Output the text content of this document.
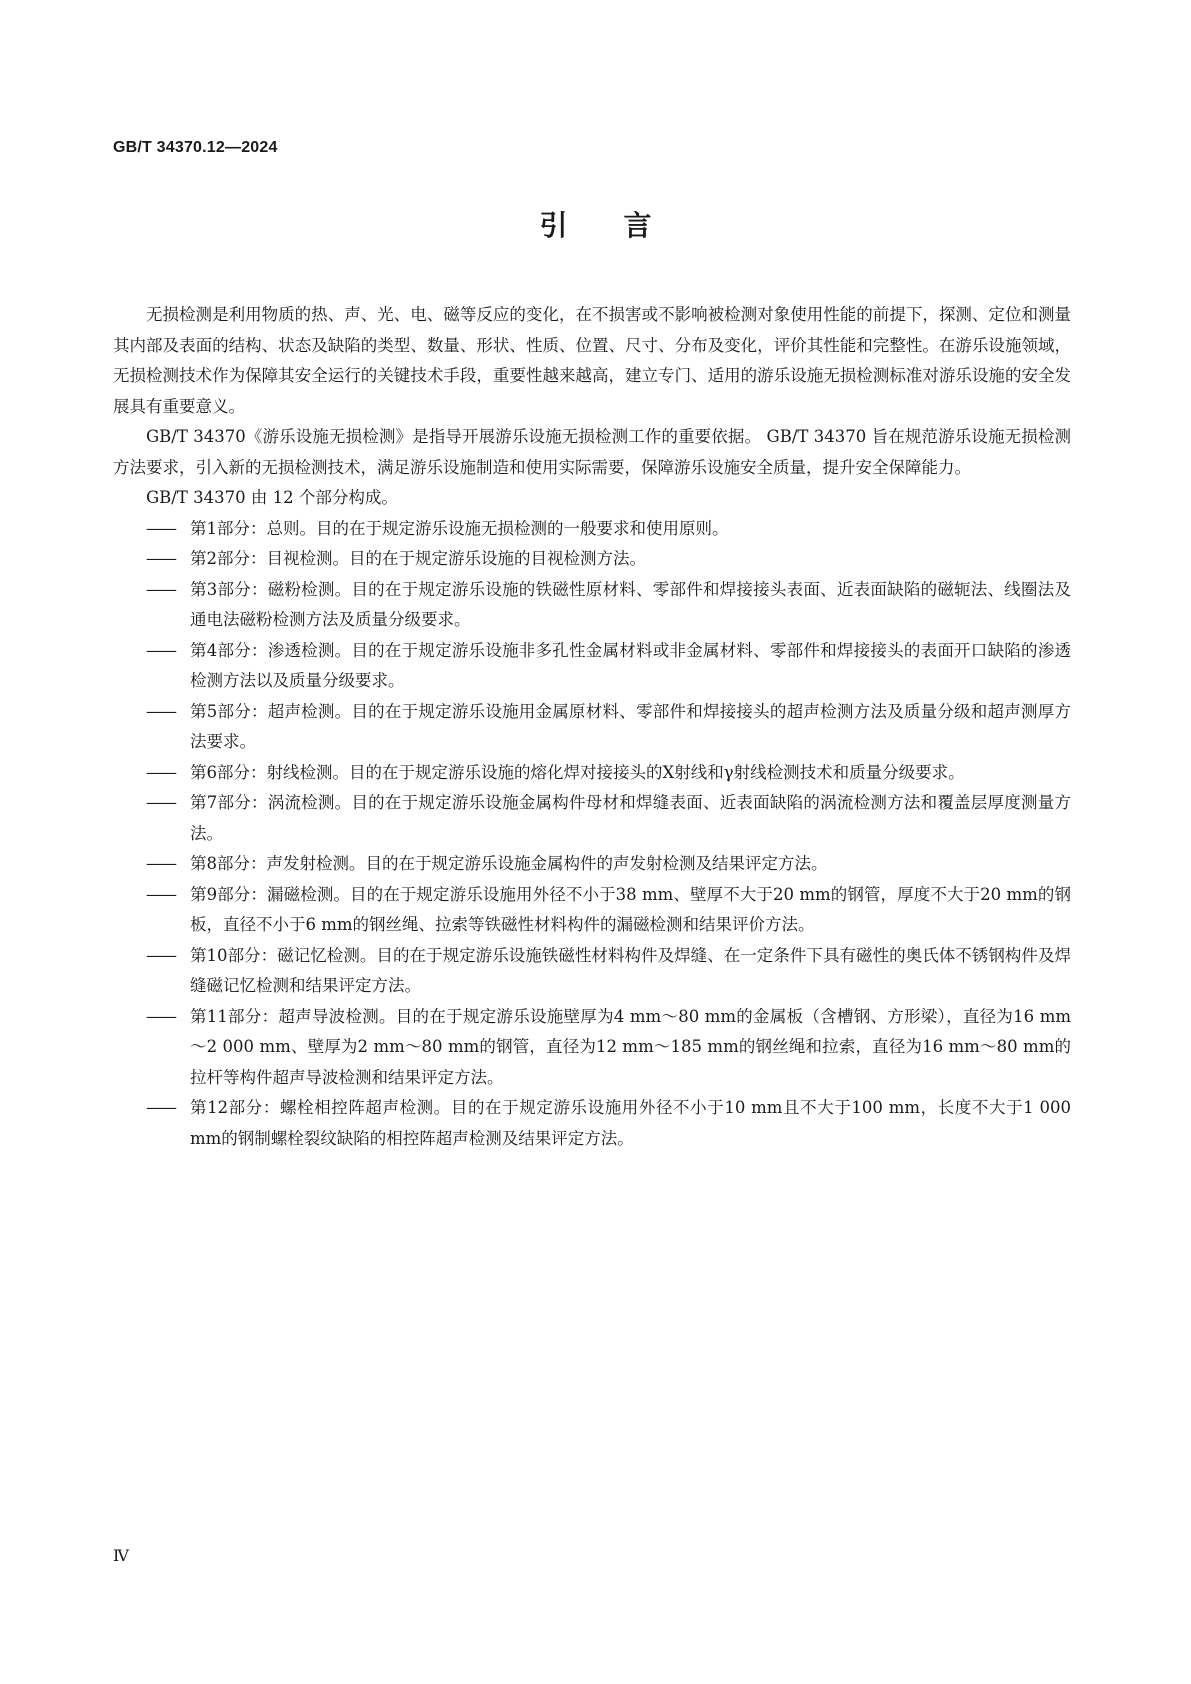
GB/T 34370.12—2024
引言

无损检测是利用物质的热、声、光、电、磁等反应的变化，在不损害或不影响被检测对象使用性能的前提下，探测、定位和测量其内部及表面的结构、状态及缺陷的类型、数量、形状、性质、位置、尺寸、分布及变化，评价其性能和完整性。在游乐设施领域，无损检测技术作为保障其安全运行的关键技术手段，重要性越来越高，建立专门、适用的游乐设施无损检测标准对游乐设施的安全发展具有重要意义。

GB/T 34370《游乐设施无损检测》是指导开展游乐设施无损检测工作的重要依据。 GB/T 34370 旨在规范游乐设施无损检测方法要求，引入新的无损检测技术，满足游乐设施制造和使用实际需要，保障游乐设施安全质量，提升安全保障能力。

GB/T 34370 由 12 个部分构成。

—— 第1部分：总则。目的在于规定游乐设施无损检测的一般要求和使用原则。
—— 第2部分：目视检测。目的在于规定游乐设施的目视检测方法。
—— 第3部分：磁粉检测。目的在于规定游乐设施的铁磁性原材料、零部件和焊接接头表面、近表面缺陷的磁轭法、线圈法及通电法磁粉检测方法及质量分级要求。
—— 第4部分：渗透检测。目的在于规定游乐设施非多孔性金属材料或非金属材料、零部件和焊接接头的表面开口缺陷的渗透检测方法以及质量分级要求。
—— 第5部分：超声检测。目的在于规定游乐设施用金属原材料、零部件和焊接接头的超声检测方法及质量分级和超声测厚方法要求。
—— 第6部分：射线检测。目的在于规定游乐设施的熔化焊对接接头的X射线和γ射线检测技术和质量分级要求。
—— 第7部分：涡流检测。目的在于规定游乐设施金属构件母材和焊缝表面、近表面缺陷的涡流检测方法和覆盖层厚度测量方法。
—— 第8部分：声发射检测。目的在于规定游乐设施金属构件的声发射检测及结果评定方法。
—— 第9部分：漏磁检测。目的在于规定游乐设施用外径不小于38 mm、壁厚不大于20 mm的钢管，厚度不大于20 mm的钢板，直径不小于6 mm的钢丝绳、拉索等铁磁性材料构件的漏磁检测和结果评价方法。
—— 第10部分：磁记忆检测。目的在于规定游乐设施铁磁性材料构件及焊缝、在一定条件下具有磁性的奥氏体不锈钢构件及焊缝磁记忆检测和结果评定方法。
—— 第11部分：超声导波检测。目的在于规定游乐设施壁厚为4 mm～80 mm的金属板（含槽钢、方形梁），直径为16 mm～2 000 mm、壁厚为2 mm～80 mm的钢管，直径为12 mm～185 mm的钢丝绳和拉索，直径为16 mm～80 mm的拉杆等构件超声导波检测和结果评定方法。
—— 第12部分：螺栓相控阵超声检测。目的在于规定游乐设施用外径不小于10 mm且不大于100 mm，长度不大于1 000 mm的钢制螺栓裂纹缺陷的相控阵超声检测及结果评定方法。
Ⅳ
